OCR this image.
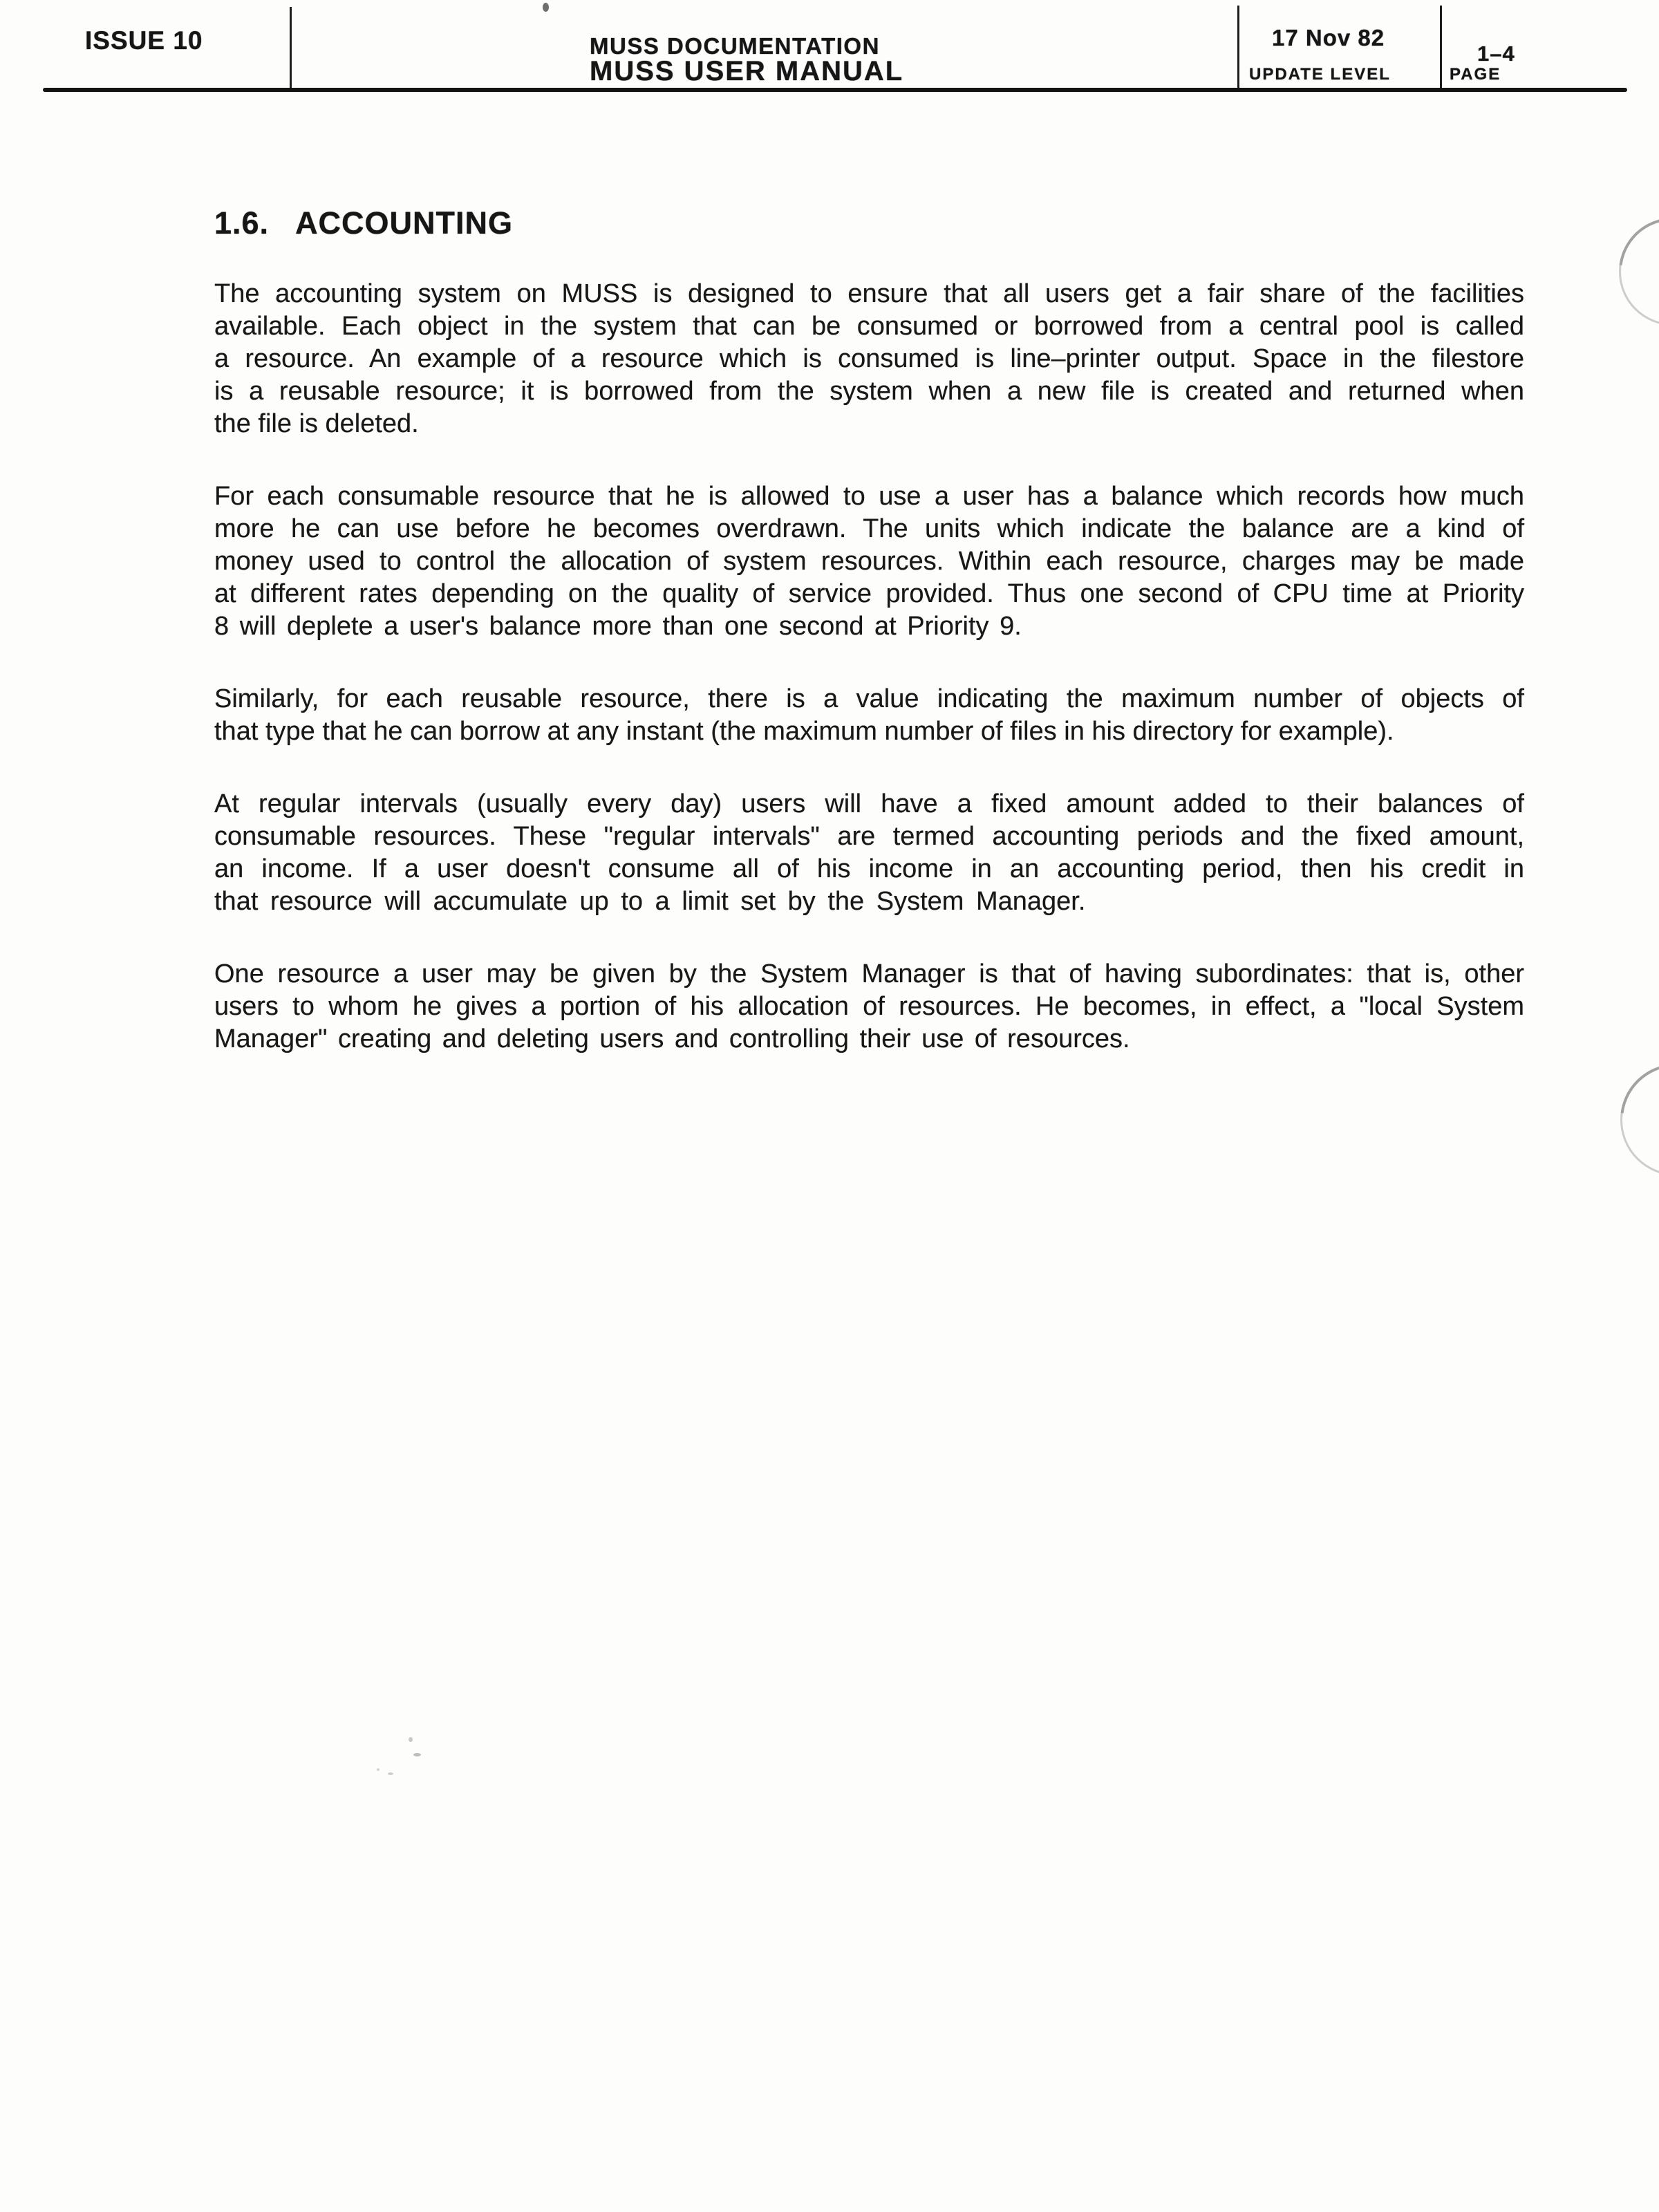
ISSUE 10	MUSS DOCUMENTATION
MUSS USER MANUAL
17 Nov 82
UPDATE LEVEL
1–4
PAGE
1.6. ACCOUNTING
The accounting system on MUSS is designed to ensure that all users get a fair share of the facilities
available. Each object in the system that can be consumed or borrowed from a central pool is called
a resource. An example of a resource which is consumed is line–printer output. Space in the filestore
is a reusable resource; it is borrowed from the system when a new file is created and returned when
the file is deleted.
For each consumable resource that he is allowed to use a user has a balance which records how much
more he can use before he becomes overdrawn. The units which indicate the balance are a kind of
money used to control the allocation of system resources. Within each resource, charges may be made
at different rates depending on the quality of service provided. Thus one second of CPU time at Priority
8 will deplete a user's balance more than one second at Priority 9.
Similarly, for each reusable resource, there is a value indicating the maximum number of objects of
that type that he can borrow at any instant (the maximum number of files in his directory for example).
At regular intervals (usually every day) users will have a fixed amount added to their balances of
consumable resources. These "regular intervals" are termed accounting periods and the fixed amount,
an income. If a user doesn't consume all of his income in an accounting period, then his credit in
that resource will accumulate up to a limit set by the System Manager.
One resource a user may be given by the System Manager is that of having subordinates: that is, other
users to whom he gives a portion of his allocation of resources. He becomes, in effect, a "local System
Manager" creating and deleting users and controlling their use of resources.
